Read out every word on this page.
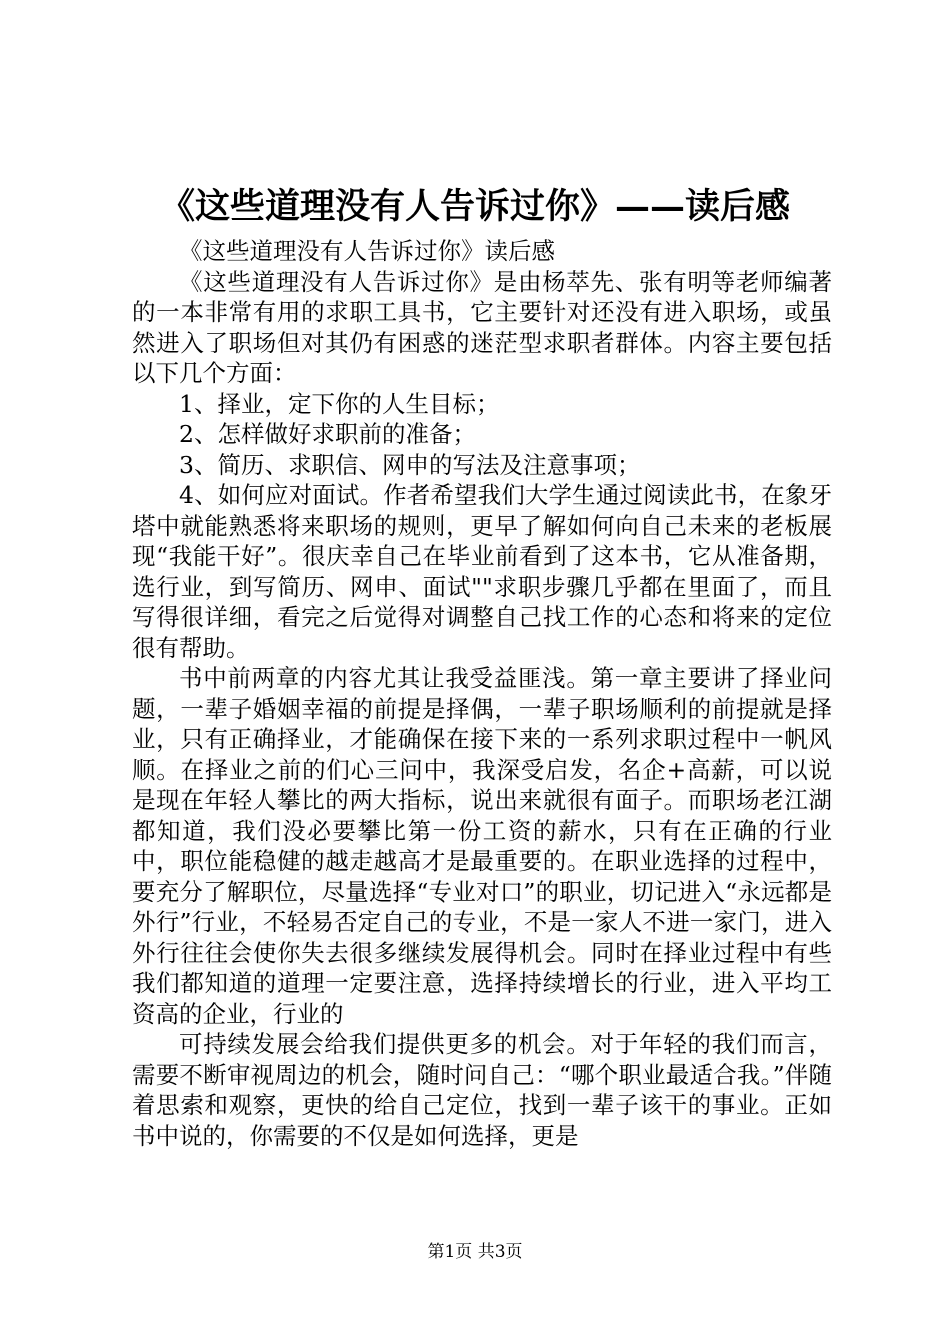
《这些道理没有人告诉过你》——读后感

《这些道理没有人告诉过你》读后感

《这些道理没有人告诉过你》是由杨萃先、张有明等老师编著的一本非常有用的求职工具书，它主要针对还没有进入职场，或虽然进入了职场但对其仍有困惑的迷茫型求职者群体。内容主要包括以下几个方面：

1、择业，定下你的人生目标；

2、怎样做好求职前的准备；

3、简历、求职信、网申的写法及注意事项；

4、如何应对面试。作者希望我们大学生通过阅读此书，在象牙塔中就能熟悉将来职场的规则，更早了解如何向自己未来的老板展现“我能干好”。很庆幸自己在毕业前看到了这本书，它从准备期，选行业，到写简历、网申、面试""求职步骤几乎都在里面了，而且写得很详细，看完之后觉得对调整自己找工作的心态和将来的定位很有帮助。

书中前两章的内容尤其让我受益匪浅。第一章主要讲了择业问题，一辈子婚姻幸福的前提是择偶，一辈子职场顺利的前提就是择业，只有正确择业，才能确保在接下来的一系列求职过程中一帆风顺。在择业之前的们心三问中，我深受启发，名企+高薪，可以说是现在年轻人攀比的两大指标，说出来就很有面子。而职场老江湖都知道，我们没必要攀比第一份工资的薪水，只有在正确的行业中，职位能稳健的越走越高才是最重要的。在职业选择的过程中，要充分了解职位，尽量选择“专业对口”的职业，切记进入“永远都是外行”行业，不轻易否定自己的专业，不是一家人不进一家门，进入外行往往会使你失去很多继续发展得机会。同时在择业过程中有些我们都知道的道理一定要注意，选择持续增长的行业，进入平均工资高的企业，行业的

可持续发展会给我们提供更多的机会。对于年轻的我们而言，需要不断审视周边的机会，随时问自己：“哪个职业最适合我。”伴随着思索和观察，更快的给自己定位，找到一辈子该干的事业。正如书中说的，你需要的不仅是如何选择，更是

第1页 共3页
